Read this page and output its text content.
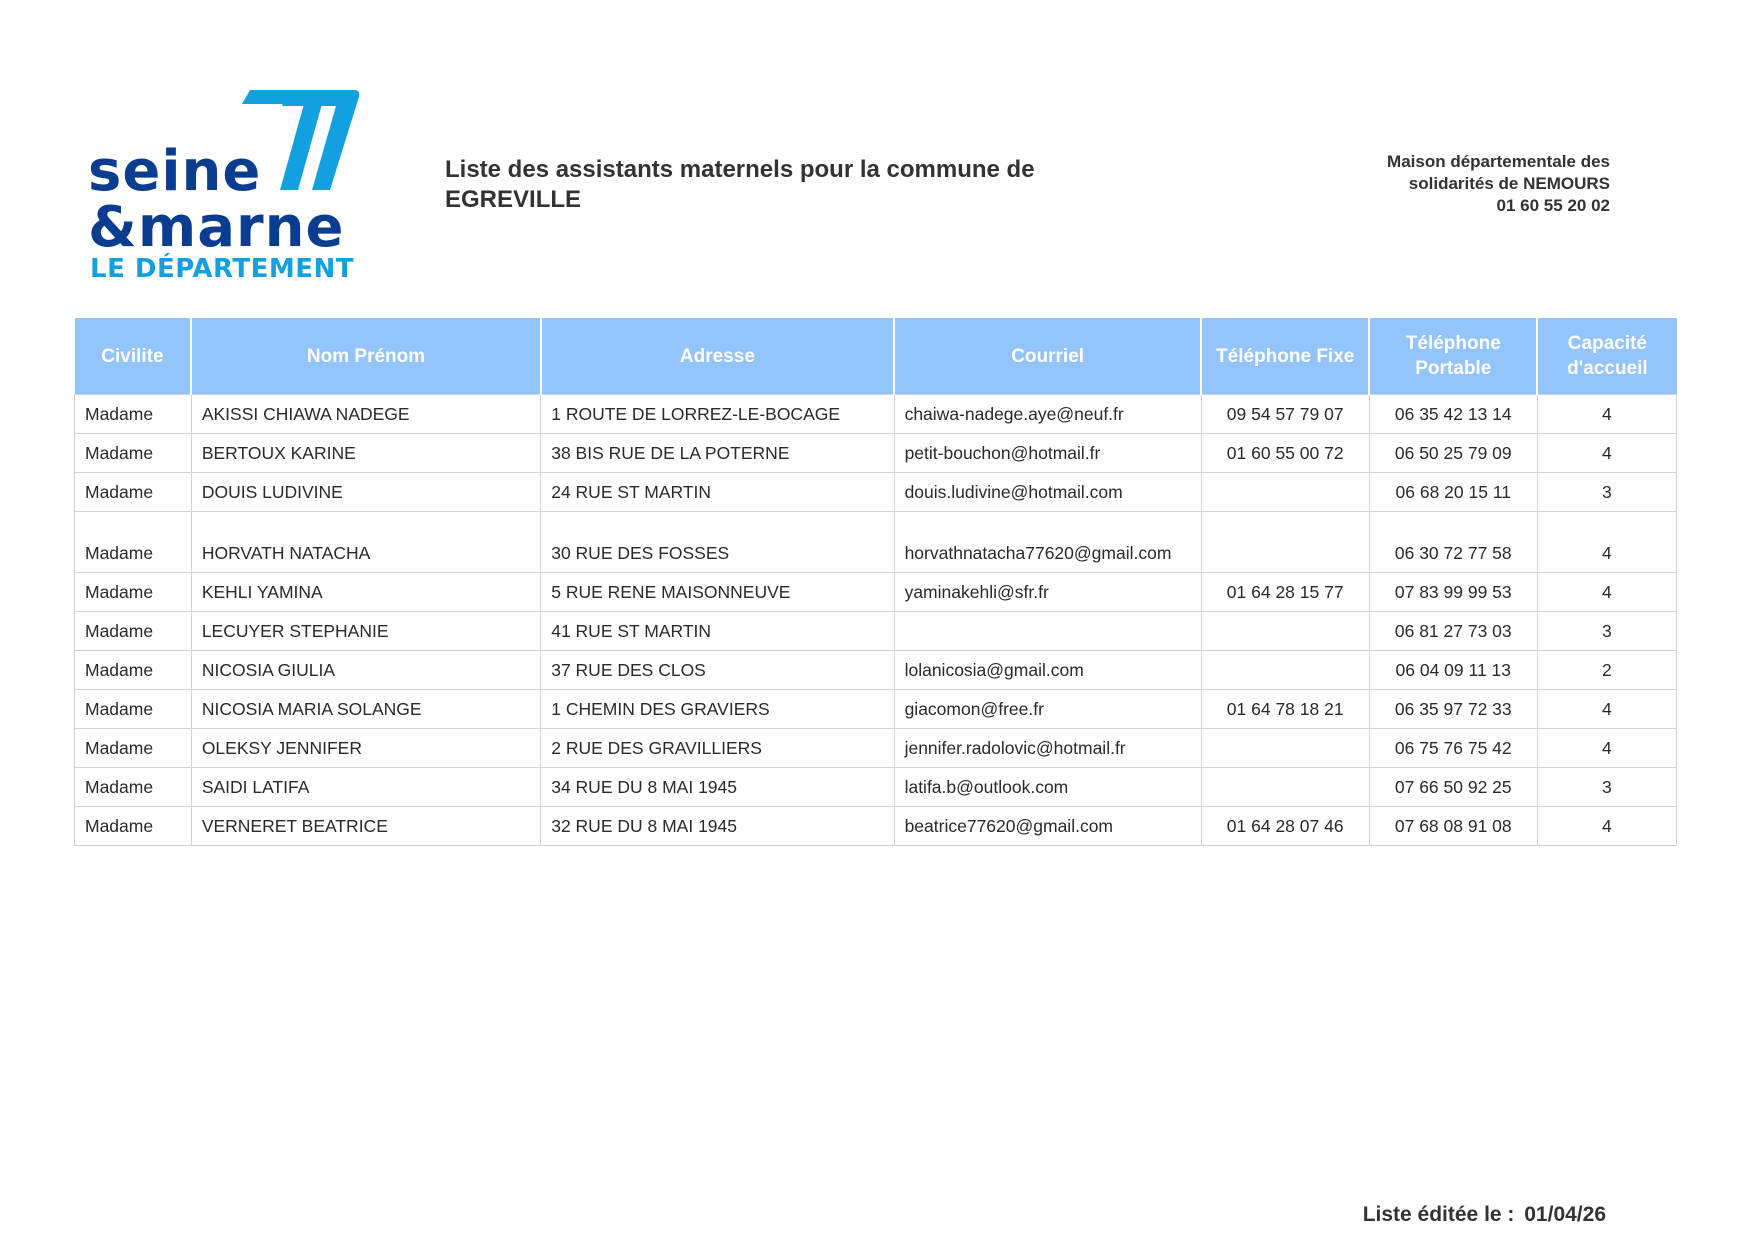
seine
&marne
LE DÉPARTEMENT
Liste des assistants maternels pour la commune de
EGREVILLE
Maison départementale des
solidarités de NEMOURS
01 60 55 20 02
Civilite	Nom Prénom	Adresse	Courriel	Téléphone Fixe	Téléphone Portable	Capacité d'accueil
Madame	AKISSI CHIAWA NADEGE	1 ROUTE DE LORREZ-LE-BOCAGE	chaiwa-nadege.aye@neuf.fr	09 54 57 79 07	06 35 42 13 14	4
Madame	BERTOUX KARINE	38 BIS RUE DE LA POTERNE	petit-bouchon@hotmail.fr	01 60 55 00 72	06 50 25 79 09	4
Madame	DOUIS LUDIVINE	24 RUE ST MARTIN	douis.ludivine@hotmail.com		06 68 20 15 11	3
Madame	HORVATH NATACHA	30 RUE DES FOSSES	horvathnatacha77620@gmail.com		06 30 72 77 58	4
Madame	KEHLI YAMINA	5 RUE RENE MAISONNEUVE	yaminakehli@sfr.fr	01 64 28 15 77	07 83 99 99 53	4
Madame	LECUYER STEPHANIE	41 RUE ST MARTIN			06 81 27 73 03	3
Madame	NICOSIA GIULIA	37 RUE DES CLOS	lolanicosia@gmail.com		06 04 09 11 13	2
Madame	NICOSIA MARIA SOLANGE	1 CHEMIN DES GRAVIERS	giacomon@free.fr	01 64 78 18 21	06 35 97 72 33	4
Madame	OLEKSY JENNIFER	2 RUE DES GRAVILLIERS	jennifer.radolovic@hotmail.fr		06 75 76 75 42	4
Madame	SAIDI LATIFA	34 RUE DU 8 MAI 1945	latifa.b@outlook.com		07 66 50 92 25	3
Madame	VERNERET BEATRICE	32 RUE DU 8 MAI 1945	beatrice77620@gmail.com	01 64 28 07 46	07 68 08 91 08	4
Liste éditée le : 01/04/26
